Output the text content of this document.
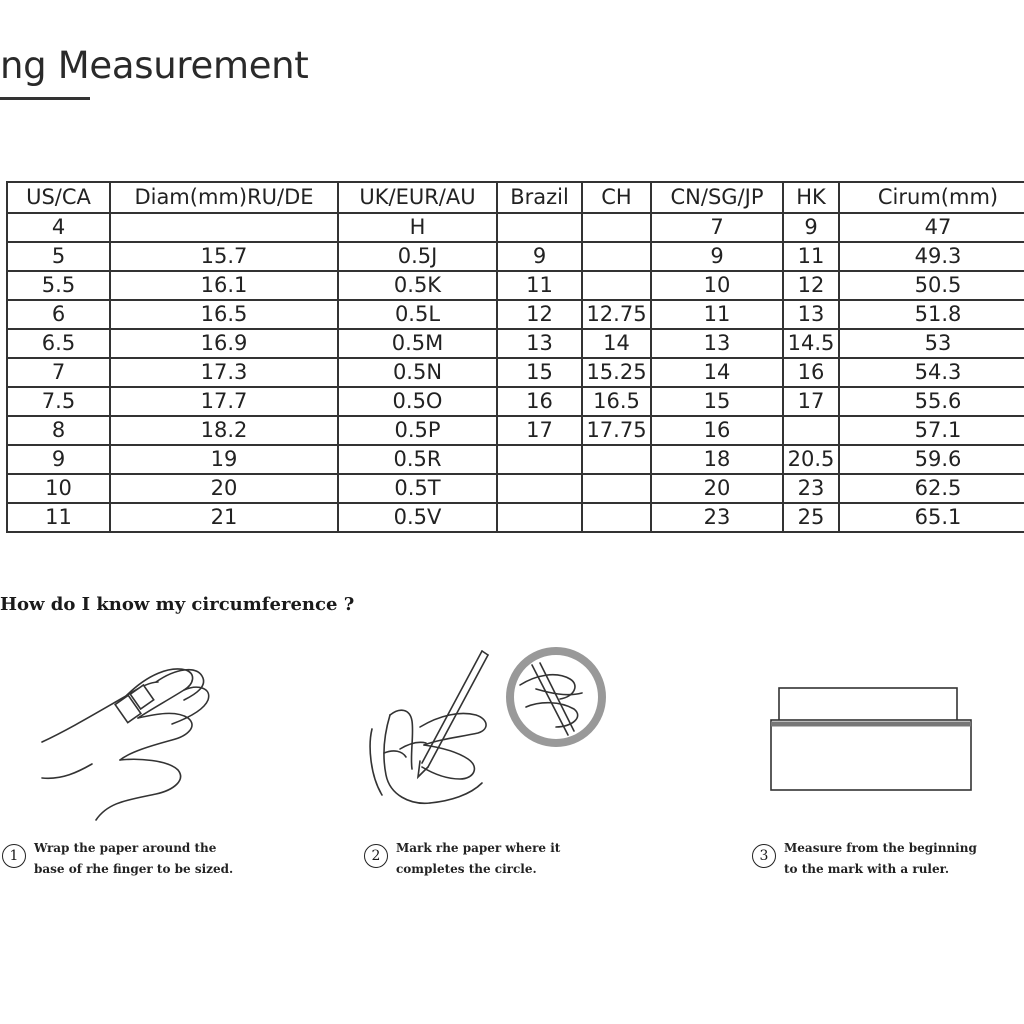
ng Measurement
US/CA	Diam(mm)RU/DE	UK/EUR/AU	Brazil	CH	CN/SG/JP	HK	Cirum(mm)
4		H			7	9	47
5	15.7	0.5J	9		9	11	49.3
5.5	16.1	0.5K	11		10	12	50.5
6	16.5	0.5L	12	12.75	11	13	51.8
6.5	16.9	0.5M	13	14	13	14.5	53
7	17.3	0.5N	15	15.25	14	16	54.3
7.5	17.7	0.5O	16	16.5	15	17	55.6
8	18.2	0.5P	17	17.75	16		57.1
9	19	0.5R			18	20.5	59.6
10	20	0.5T			20	23	62.5
11	21	0.5V			23	25	65.1
How do I know my circumference ?
1	Wrap the paper around the
base of rhe finger to be sized.
2	Mark rhe paper where it
completes the circle.
3	Measure from the beginning
to the mark with a ruler.
